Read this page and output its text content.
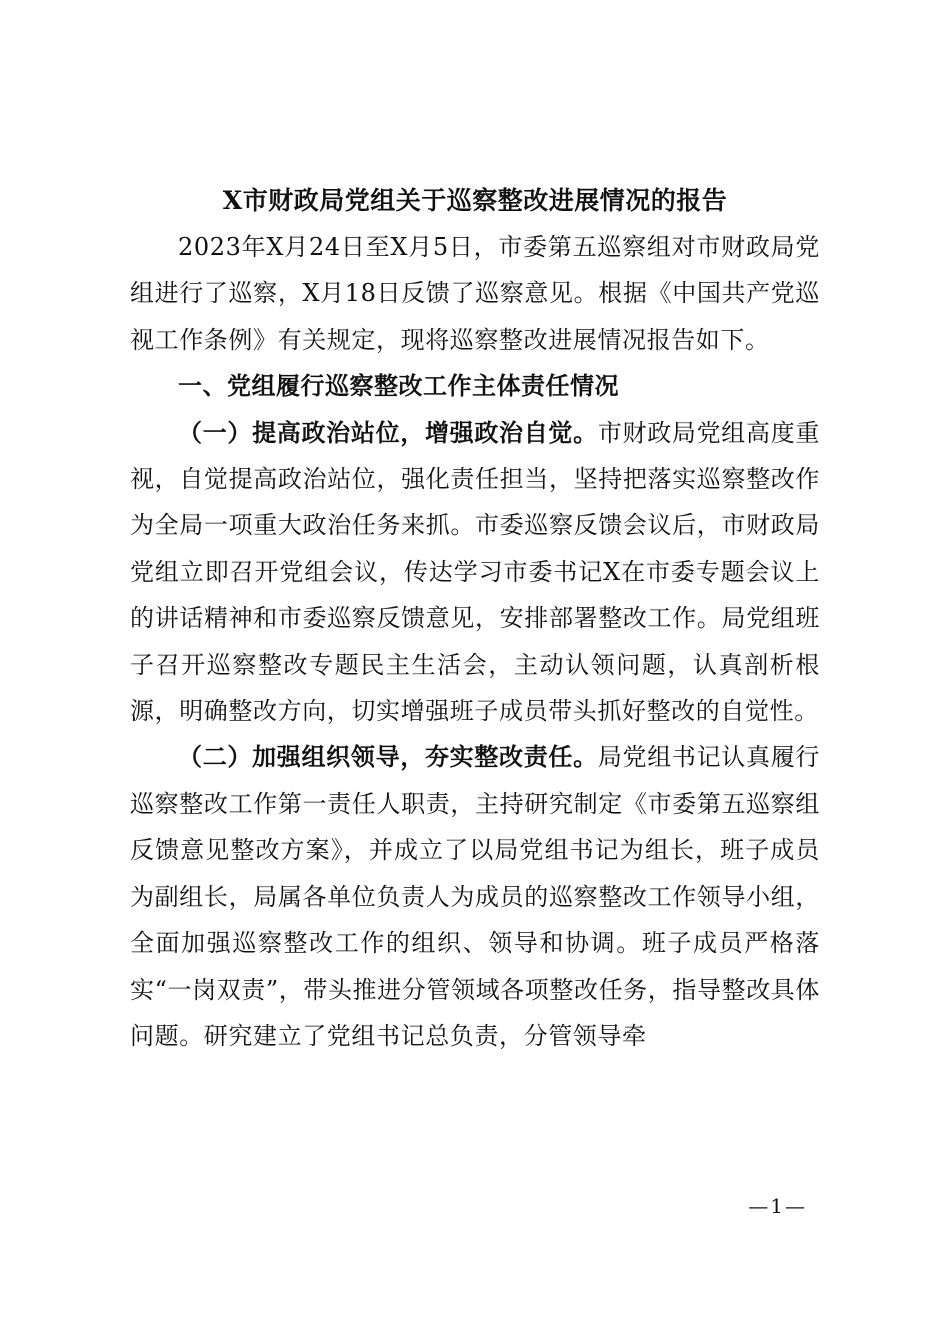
X市财政局党组关于巡察整改进展情况的报告

2023年X月24日至X月5日，市委第五巡察组对市财政局党组进行了巡察，X月18日反馈了巡察意见。根据《中国共产党巡视工作条例》有关规定，现将巡察整改进展情况报告如下。

一、党组履行巡察整改工作主体责任情况

（一）提高政治站位，增强政治自觉。市财政局党组高度重视，自觉提高政治站位，强化责任担当，坚持把落实巡察整改作为全局一项重大政治任务来抓。市委巡察反馈会议后，市财政局党组立即召开党组会议，传达学习市委书记X在市委专题会议上的讲话精神和市委巡察反馈意见，安排部署整改工作。局党组班子召开巡察整改专题民主生活会，主动认领问题，认真剖析根源，明确整改方向，切实增强班子成员带头抓好整改的自觉性。

（二）加强组织领导，夯实整改责任。局党组书记认真履行巡察整改工作第一责任人职责，主持研究制定《市委第五巡察组反馈意见整改方案》，并成立了以局党组书记为组长，班子成员为副组长，局属各单位负责人为成员的巡察整改工作领导小组，全面加强巡察整改工作的组织、领导和协调。班子成员严格落实“一岗双责”，带头推进分管领域各项整改任务，指导整改具体问题。研究建立了党组书记总负责，分管领导牵

—1—
